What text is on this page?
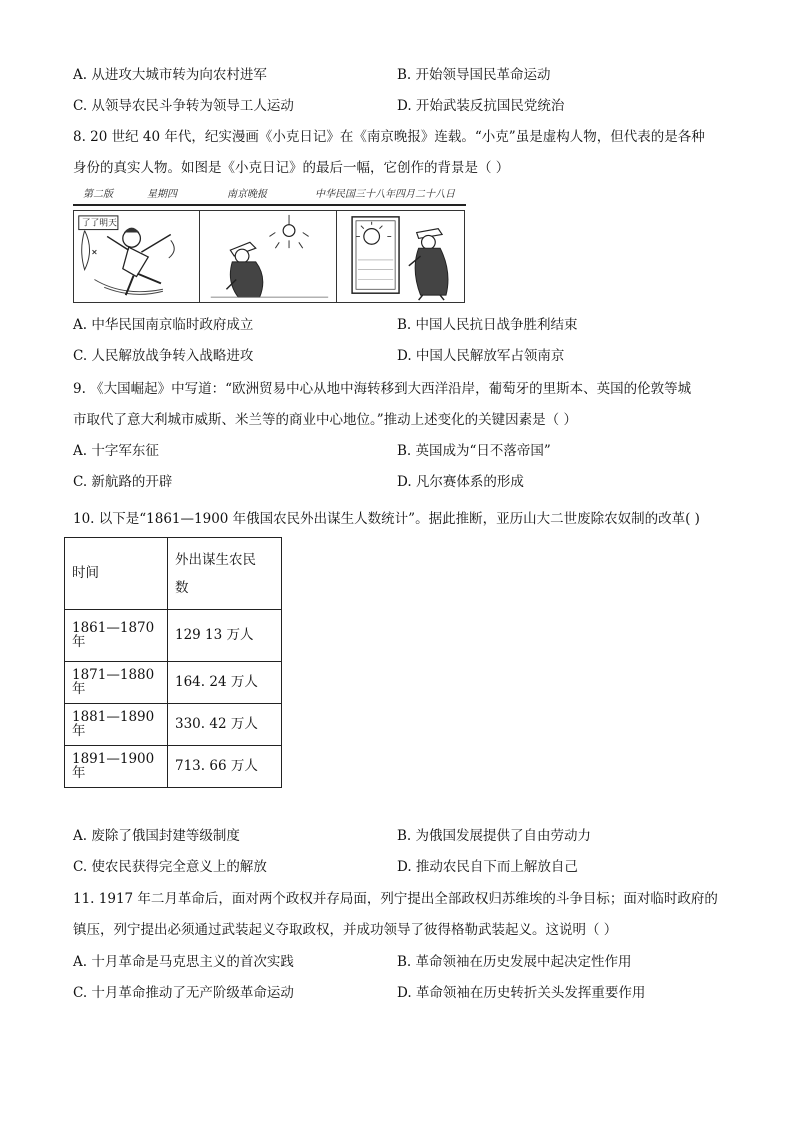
A. 从进攻大城市转为向农村进军	B. 开始领导国民革命运动
C. 从领导农民斗争转为领导工人运动	D. 开始武装反抗国民党统治
8. 20 世纪 40 年代，纪实漫画《小克日记》在《南京晚报》连载。“小克”虽是虚构人物，但代表的是各种
身份的真实人物。如图是《小克日记》的最后一幅，它创作的背景是（ ）
第二版	星期四	南京晚报	中华民国三十八年四月二十八日
了了明天
A. 中华民国南京临时政府成立	B. 中国人民抗日战争胜利结束
C. 人民解放战争转入战略进攻	D. 中国人民解放军占领南京
9. 《大国崛起》中写道：“欧洲贸易中心从地中海转移到大西洋沿岸，葡萄牙的里斯本、英国的伦敦等城
市取代了意大利城市威斯、米兰等的商业中心地位。”推动上述变化的关键因素是（ ）
A. 十字军东征	B. 英国成为“日不落帝国”
C. 新航路的开辟	D. 凡尔赛体系的形成
10. 以下是“1861—1900 年俄国农民外出谋生人数统计”。据此推断，亚历山大二世废除农奴制的改革( )
时间	外出谋生农民
数
1861—1870 年	129 13 万人
1871—1880 年	164. 24 万人
1881—1890 年	330. 42 万人
1891—1900 年	713. 66 万人
A. 废除了俄国封建等级制度	B. 为俄国发展提供了自由劳动力
C. 使农民获得完全意义上的解放	D. 推动农民自下而上解放自己
11. 1917 年二月革命后，面对两个政权并存局面，列宁提出全部政权归苏维埃的斗争目标；面对临时政府的
镇压，列宁提出必须通过武装起义夺取政权，并成功领导了彼得格勒武装起义。这说明（ ）
A. 十月革命是马克思主义的首次实践	B. 革命领袖在历史发展中起决定性作用
C. 十月革命推动了无产阶级革命运动	D. 革命领袖在历史转折关头发挥重要作用
